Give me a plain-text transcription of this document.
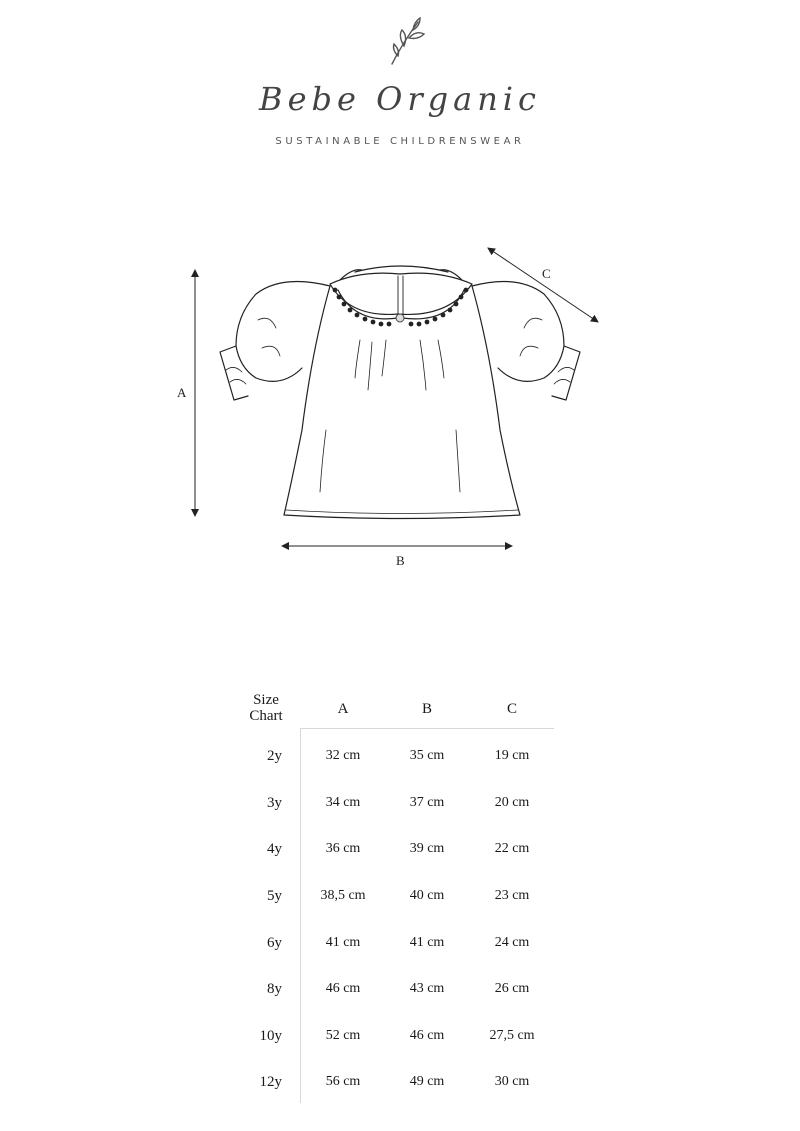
Bebe Organic
SUSTAINABLE CHILDRENSWEAR
A
B
C
Size
Chart	A	B	C
2y	32 cm	35 cm	19 cm
3y	34 cm	37 cm	20 cm
4y	36 cm	39 cm	22 cm
5y	38,5 cm	40 cm	23 cm
6y	41 cm	41 cm	24 cm
8y	46 cm	43 cm	26 cm
10y	52 cm	46 cm	27,5 cm
12y	56 cm	49 cm	30 cm
